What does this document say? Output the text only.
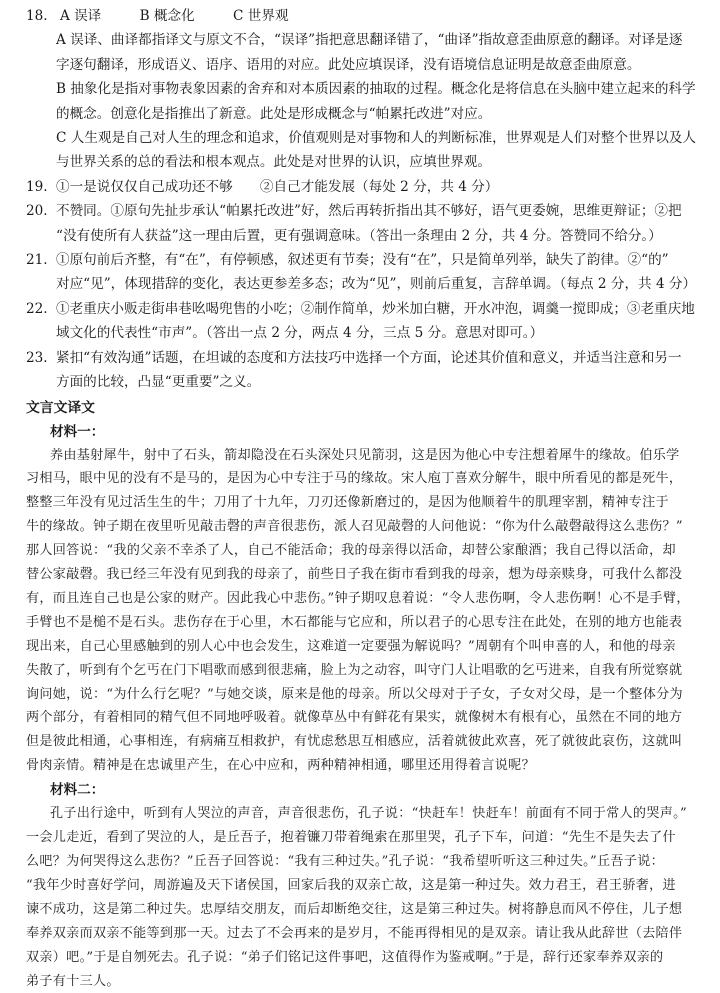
18. A 误译	B 概念化	C 世界观
A 误译、曲译都指译文与原文不合，“误译”指把意思翻译错了，“曲译”指故意歪曲原意的翻译。对译是逐
字逐句翻译，形成语义、语序、语用的对应。此处应填误译，没有语境信息证明是故意歪曲原意。
B 抽象化是指对事物表象因素的舍弃和对本质因素的抽取的过程。概念化是将信息在头脑中建立起来的科学
的概念。创意化是指推出了新意。此处是形成概念与“帕累托改进”对应。
C 人生观是自己对人生的理念和追求，价值观则是对事物和人的判断标准，世界观是人们对整个世界以及人
与世界关系的总的看法和根本观点。此处是对世界的认识，应填世界观。
19. ①一是说仅仅自己成功还不够　　②自己才能发展（每处 2 分，共 4 分）
20. 不赞同。①原句先扯步承认“帕累托改进”好，然后再转折指出其不够好，语气更委婉，思维更辩证；②把
“没有使所有人获益”这一理由后置，更有强调意味。（答出一条理由 2 分，共 4 分。答赞同不给分。）
21. ①原句前后齐整，有“在”，有停顿感，叙述更有节奏；没有“在”，只是简单列举，缺失了韵律。②“的”
对应“见”，体现措辞的变化，表达更参差多态；改为“见”，则前后重复，言辞单调。（每点 2 分，共 4 分）
22. ①老重庆小贩走街串巷吆喝兜售的小吃；②制作简单，炒米加白糖，开水冲泡，调羹一搅即成；③老重庆地
域文化的代表性“市声”。（答出一点 2 分，两点 4 分，三点 5 分。意思对即可。）
23. 紧扣“有效沟通”话题，在坦诚的态度和方法技巧中选择一个方面，论述其价值和意义，并适当注意和另一
方面的比较，凸显“更重要”之义。
文言文译文
材料一：
养由基射犀牛，射中了石头，箭却隐没在石头深处只见箭羽，这是因为他心中专注想着犀牛的缘故。伯乐学
习相马，眼中见的没有不是马的，是因为心中专注于马的缘故。宋人庖丁喜欢分解牛，眼中所看见的都是死牛，
整整三年没有见过活生生的牛；刀用了十九年，刀刃还像新磨过的，是因为他顺着牛的肌理宰割，精神专注于
牛的缘故。钟子期在夜里听见敲击磬的声音很悲伤，派人召见敲磬的人问他说：“你为什么敲磬敲得这么悲伤？”
那人回答说：“我的父亲不幸杀了人，自己不能活命；我的母亲得以活命，却替公家酿酒；我自己得以活命，却
替公家敲磬。我已经三年没有见到我的母亲了，前些日子我在街市看到我的母亲，想为母亲赎身，可我什么都没
有，而且连自己也是公家的财产。因此我心中悲伤。”钟子期叹息着说：“令人悲伤啊，令人悲伤啊！心不是手臂，
手臂也不是槌不是石头。悲伤存在于心里，木石都能与它应和，所以君子的心思专注在此处，在别的地方也能表
现出来，自己心里感触到的别人心中也会发生，这难道一定要强为解说吗？”周朝有个叫申喜的人，和他的母亲
失散了，听到有个乞丐在门下唱歌而感到很悲痛，脸上为之动容，叫守门人让唱歌的乞丐进来，自我有所觉察就
询问她，说：“为什么行乞呢？”与她交谈，原来是他的母亲。所以父母对于子女，子女对父母，是一个整体分为
两个部分，有着相同的精气但不同地呼吸着。就像草丛中有鲜花有果实，就像树木有根有心，虽然在不同的地方
但是彼此相通，心事相连，有病痛互相救护，有忧虑愁思互相感应，活着就彼此欢喜，死了就彼此哀伤，这就叫
骨肉亲情。精神是在忠诚里产生，在心中应和，两种精神相通，哪里还用得着言说呢？
材料二：
孔子出行途中，听到有人哭泣的声音，声音很悲伤，孔子说：“快赶车！快赶车！前面有不同于常人的哭声。”
一会儿走近，看到了哭泣的人，是丘吾子，抱着镰刀带着绳索在那里哭，孔子下车，问道：“先生不是失去了什
么吧？为何哭得这么悲伤？”丘吾子回答说：“我有三种过失。”孔子说：“我希望听听这三种过失。”丘吾子说：
“我年少时喜好学问，周游遍及天下诸侯国，回家后我的双亲亡故，这是第一种过失。效力君王，君王骄奢，进
谏不成功，这是第二种过失。忠厚结交朋友，而后却断绝交往，这是第三种过失。树将静息而风不停住，儿子想
奉养双亲而双亲不能等到那一天。过去了不会再来的是岁月，不能再得相见的是双亲。请让我从此辞世（去陪伴
双亲）吧。”于是自刎死去。孔子说：“弟子们铭记这件事吧，这值得作为鉴戒啊。”于是，辞行还家奉养双亲的
弟子有十三人。
